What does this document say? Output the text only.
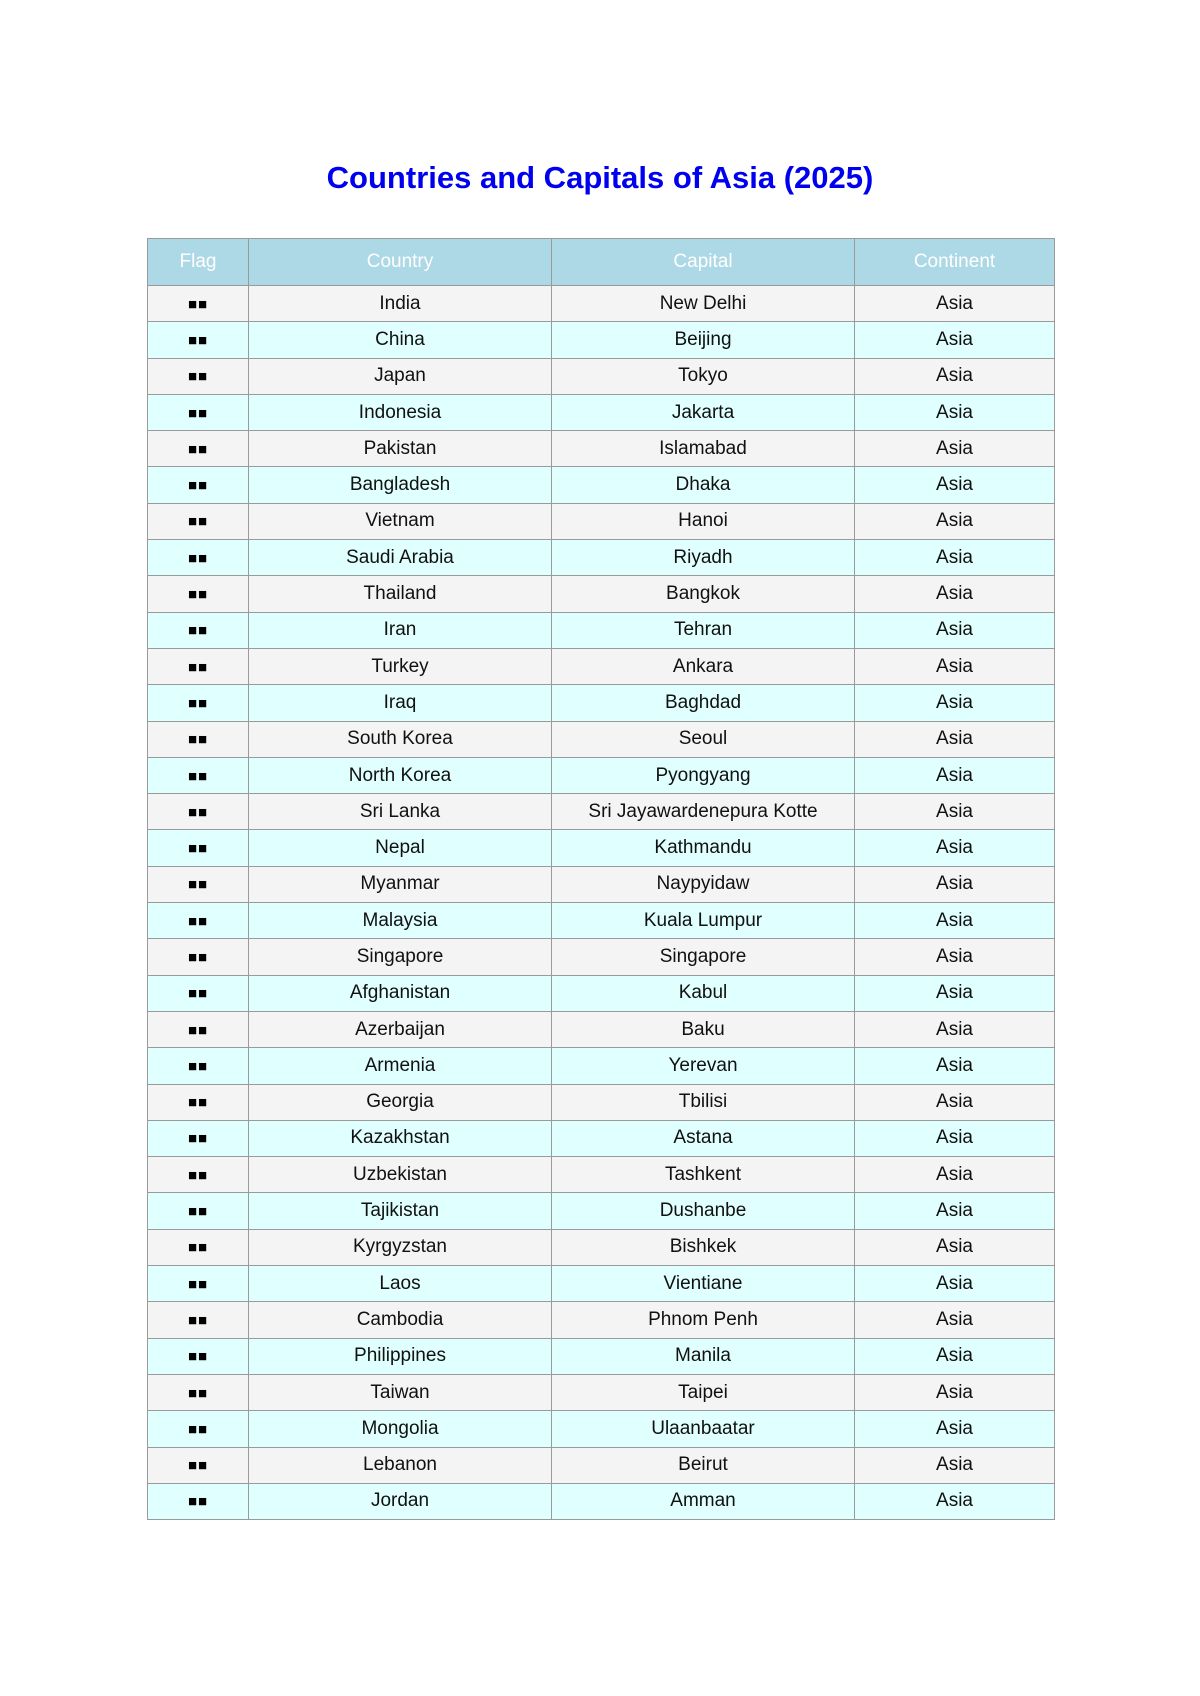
Countries and Capitals of Asia (2025)
Flag	Country	Capital	Continent
■■	India	New Delhi	Asia
■■	China	Beijing	Asia
■■	Japan	Tokyo	Asia
■■	Indonesia	Jakarta	Asia
■■	Pakistan	Islamabad	Asia
■■	Bangladesh	Dhaka	Asia
■■	Vietnam	Hanoi	Asia
■■	Saudi Arabia	Riyadh	Asia
■■	Thailand	Bangkok	Asia
■■	Iran	Tehran	Asia
■■	Turkey	Ankara	Asia
■■	Iraq	Baghdad	Asia
■■	South Korea	Seoul	Asia
■■	North Korea	Pyongyang	Asia
■■	Sri Lanka	Sri Jayawardenepura Kotte	Asia
■■	Nepal	Kathmandu	Asia
■■	Myanmar	Naypyidaw	Asia
■■	Malaysia	Kuala Lumpur	Asia
■■	Singapore	Singapore	Asia
■■	Afghanistan	Kabul	Asia
■■	Azerbaijan	Baku	Asia
■■	Armenia	Yerevan	Asia
■■	Georgia	Tbilisi	Asia
■■	Kazakhstan	Astana	Asia
■■	Uzbekistan	Tashkent	Asia
■■	Tajikistan	Dushanbe	Asia
■■	Kyrgyzstan	Bishkek	Asia
■■	Laos	Vientiane	Asia
■■	Cambodia	Phnom Penh	Asia
■■	Philippines	Manila	Asia
■■	Taiwan	Taipei	Asia
■■	Mongolia	Ulaanbaatar	Asia
■■	Lebanon	Beirut	Asia
■■	Jordan	Amman	Asia
